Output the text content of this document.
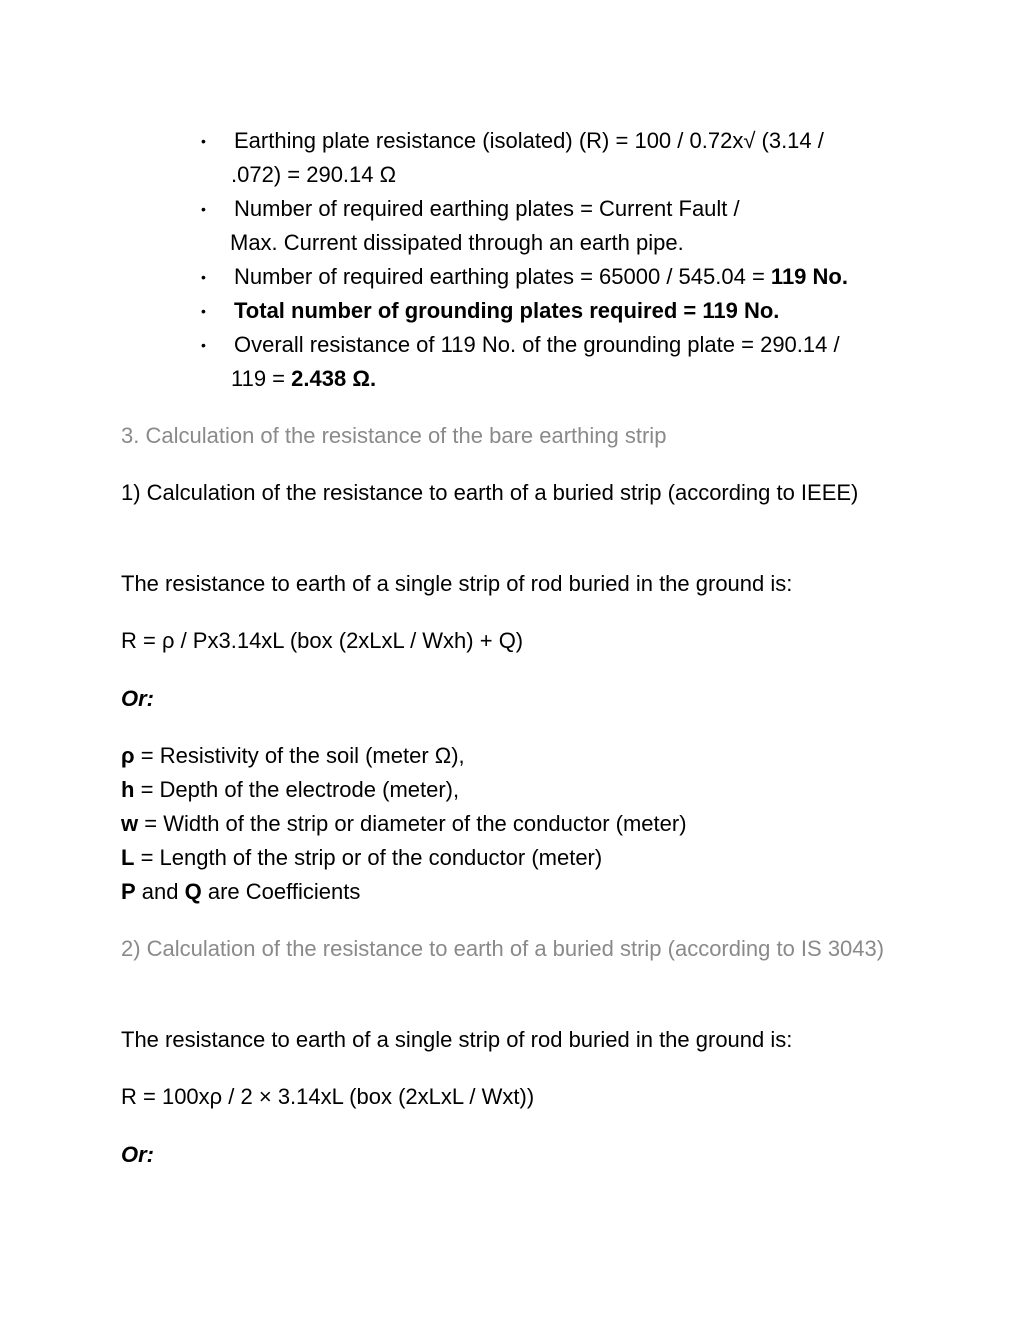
• Earthing plate resistance (isolated) (R) = 100 / 0.72x√ (3.14 /
.072) = 290.14 Ω
• Number of required earthing plates = Current Fault /
Max. Current dissipated through an earth pipe.
• Number of required earthing plates = 65000 / 545.04 = 119 No.
• Total number of grounding plates required = 119 No.
• Overall resistance of 119 No. of the grounding plate = 290.14 /
119 = 2.438 Ω.

3. Calculation of the resistance of the bare earthing strip

1) Calculation of the resistance to earth of a buried strip (according to IEEE)

The resistance to earth of a single strip of rod buried in the ground is:

R = ρ / Px3.14xL (box (2xLxL / Wxh) + Q)

Or:

ρ = Resistivity of the soil (meter Ω),
h = Depth of the electrode (meter),
w = Width of the strip or diameter of the conductor (meter)
L = Length of the strip or of the conductor (meter)
P and Q are Coefficients

2) Calculation of the resistance to earth of a buried strip (according to IS 3043)

The resistance to earth of a single strip of rod buried in the ground is:

R = 100xρ / 2 × 3.14xL (box (2xLxL / Wxt))

Or:
